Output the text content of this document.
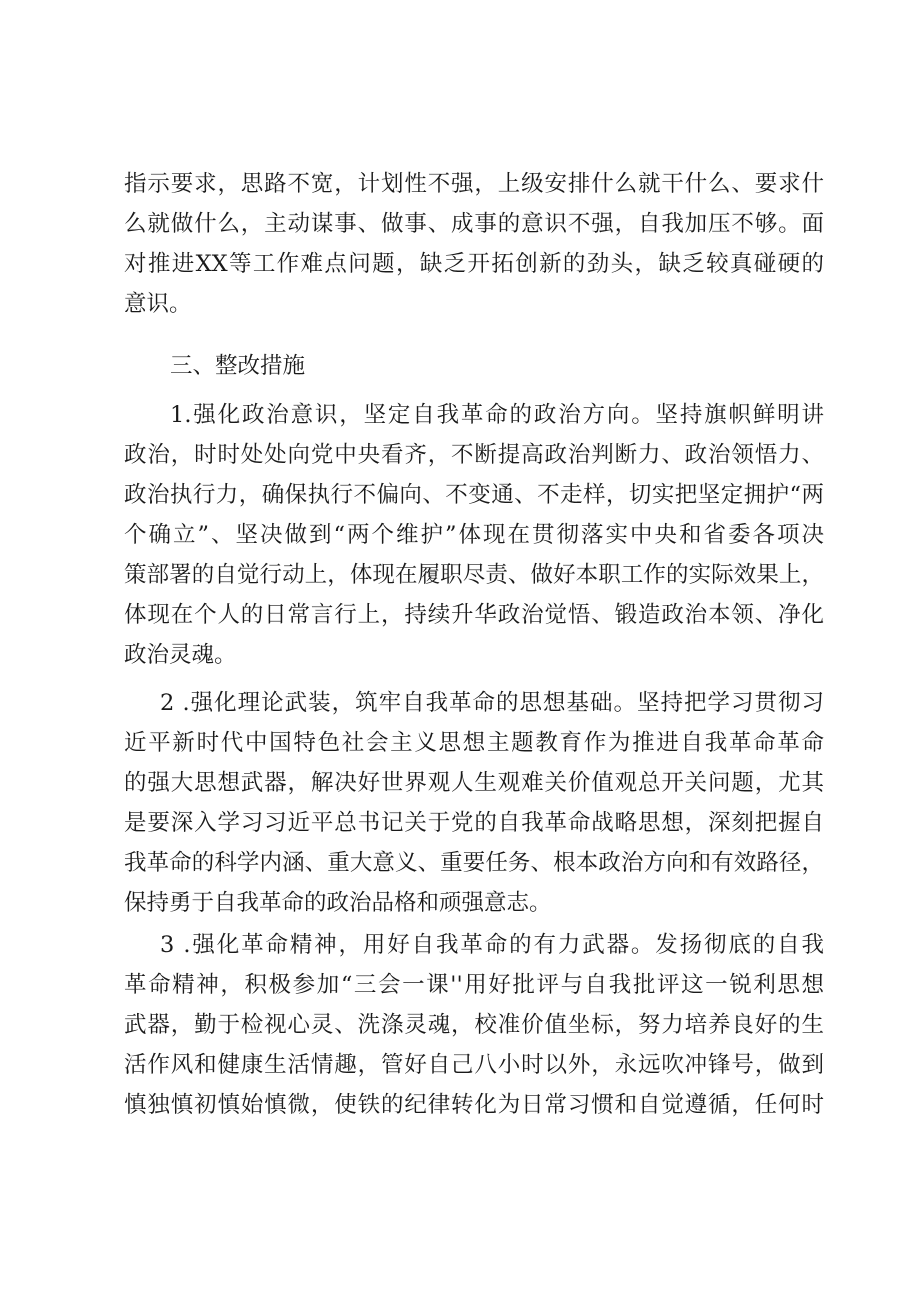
指示要求，思路不宽，计划性不强，上级安排什么就干什么、要求什
么就做什么，主动谋事、做事、成事的意识不强，自我加压不够。面
对推进XX等工作难点问题，缺乏开拓创新的劲头，缺乏较真碰硬的
意识。
三、整改措施
1.强化政治意识，坚定自我革命的政治方向。坚持旗帜鲜明讲
政治，时时处处向党中央看齐，不断提高政治判断力、政治领悟力、
政治执行力，确保执行不偏向、不变通、不走样，切实把坚定拥护“两
个确立”、坚决做到“两个维护”体现在贯彻落实中央和省委各项决
策部署的自觉行动上，体现在履职尽责、做好本职工作的实际效果上，
体现在个人的日常言行上，持续升华政治觉悟、锻造政治本领、净化
政治灵魂。
2 .强化理论武装，筑牢自我革命的思想基础。坚持把学习贯彻习
近平新时代中国特色社会主义思想主题教育作为推进自我革命革命
的强大思想武器，解决好世界观人生观难关价值观总开关问题，尤其
是要深入学习习近平总书记关于党的自我革命战略思想，深刻把握自
我革命的科学内涵、重大意义、重要任务、根本政治方向和有效路径，
保持勇于自我革命的政治品格和顽强意志。
3 .强化革命精神，用好自我革命的有力武器。发扬彻底的自我
革命精神，积极参加“三会一课''用好批评与自我批评这一锐利思想
武器，勤于检视心灵、洗涤灵魂，校准价值坐标，努力培养良好的生
活作风和健康生活情趣，管好自己八小时以外，永远吹冲锋号，做到
慎独慎初慎始慎微，使铁的纪律转化为日常习惯和自觉遵循，任何时
